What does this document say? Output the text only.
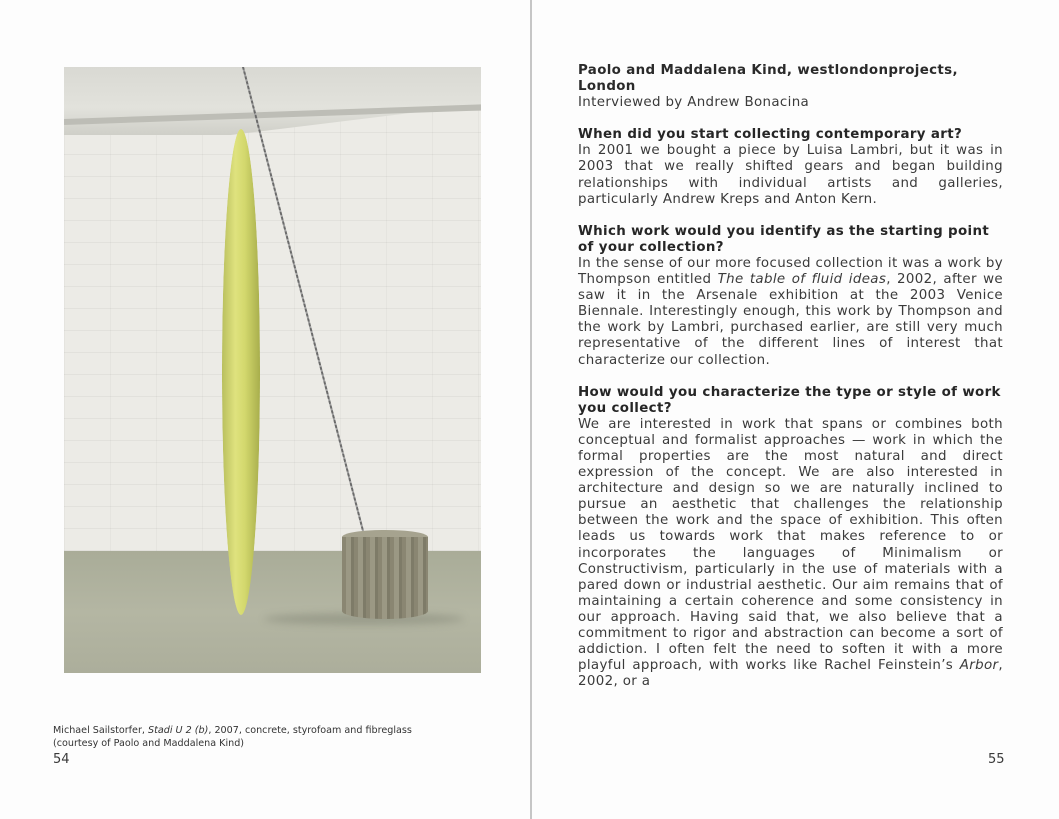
Michael Sailstorfer, Stadi U 2 (b), 2007, concrete, styrofoam and fibreglass
(courtesy of Paolo and Maddalena Kind)
54
Paolo and Maddalena Kind, westlondonprojects,
London
Interviewed by Andrew Bonacina
When did you start collecting contemporary art?
In 2001 we bought a piece by Luisa Lambri, but it was in 2003 that we really shifted gears and began building relationships with individual artists and galleries, particularly Andrew Kreps and Anton Kern.
Which work would you identify as the starting point of your collection?
In the sense of our more focused collection it was a work by Thompson entitled The table of fluid ideas, 2002, after we saw it in the Arsenale exhibition at the 2003 Venice Biennale. Interestingly enough, this work by Thompson and the work by Lambri, purchased earlier, are still very much representative of the different lines of interest that characterize our collection.
How would you characterize the type or style of work you collect?
We are interested in work that spans or combines both conceptual and formalist approaches — work in which the formal properties are the most natural and direct expression of the concept. We are also interested in architecture and design so we are naturally inclined to pursue an aesthetic that challenges the relationship between the work and the space of exhibition. This often leads us towards work that makes reference to or incorporates the languages of Minimalism or Constructivism, particularly in the use of materials with a pared down or industrial aesthetic. Our aim remains that of maintaining a certain coherence and some consistency in our approach. Having said that, we also believe that a commitment to rigor and abstraction can become a sort of addiction. I often felt the need to soften it with a more playful approach, with works like Rachel Feinstein’s Arbor, 2002, or a
55
